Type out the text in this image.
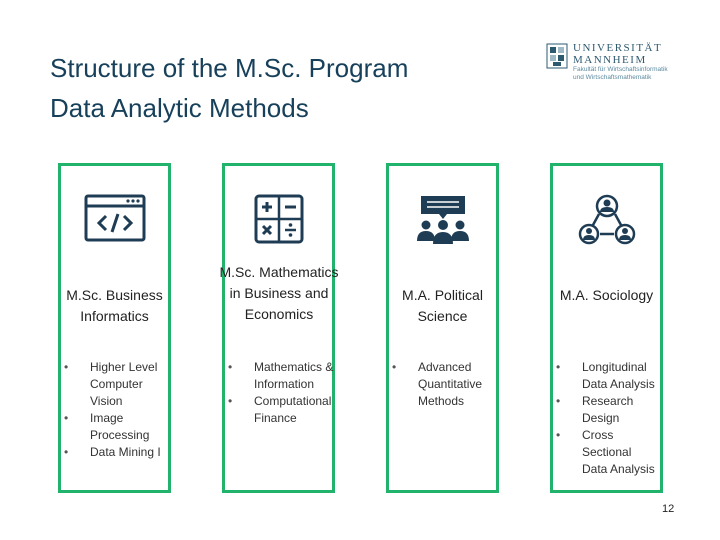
Structure of the M.Sc. Program
Data Analytic Methods
UNIVERSITÄT
MANNHEIM
Fakultät für Wirtschaftsinformatik
und Wirtschaftsmathematik
M.Sc. Business Informatics
• Higher Level Computer Vision
• Image Processing
• Data Mining I
M.Sc. Mathematics in Business and Economics
• Mathematics & Information
• Computational Finance
M.A. Political Science
• Advanced Quantitative Methods
M.A. Sociology
• Longitudinal Data Analysis
• Research Design
• Cross Sectional Data Analysis
12
